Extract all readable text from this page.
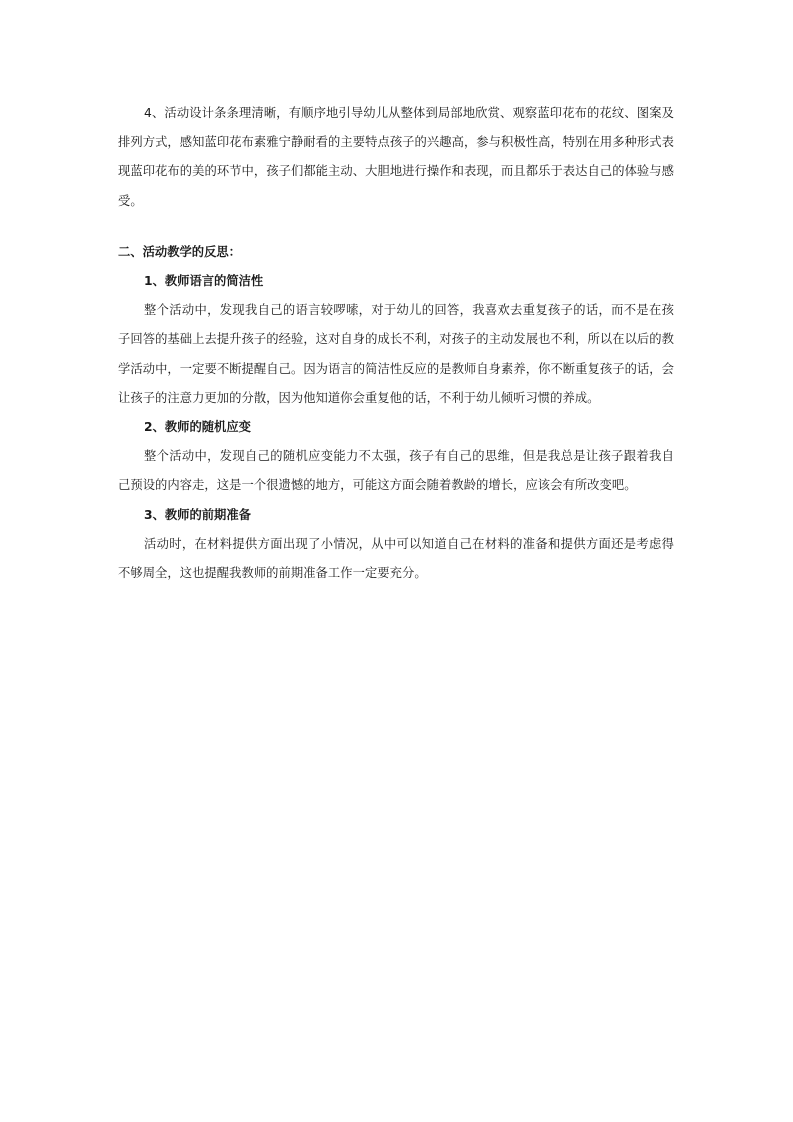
4、活动设计条条理清晰，有顺序地引导幼儿从整体到局部地欣赏、观察蓝印花布的花纹、图案及排列方式，感知蓝印花布素雅宁静耐看的主要特点孩子的兴趣高，参与积极性高，特别在用多种形式表现蓝印花布的美的环节中，孩子们都能主动、大胆地进行操作和表现，而且都乐于表达自己的体验与感受。

二、活动教学的反思：

1、教师语言的简洁性

整个活动中，发现我自己的语言较啰嗦，对于幼儿的回答，我喜欢去重复孩子的话，而不是在孩子回答的基础上去提升孩子的经验，这对自身的成长不利，对孩子的主动发展也不利，所以在以后的教学活动中，一定要不断提醒自己。因为语言的简洁性反应的是教师自身素养，你不断重复孩子的话，会让孩子的注意力更加的分散，因为他知道你会重复他的话，不利于幼儿倾听习惯的养成。

2、教师的随机应变

整个活动中，发现自己的随机应变能力不太强，孩子有自己的思维，但是我总是让孩子跟着我自己预设的内容走，这是一个很遗憾的地方，可能这方面会随着教龄的增长，应该会有所改变吧。

3、教师的前期准备

活动时，在材料提供方面出现了小情况，从中可以知道自己在材料的准备和提供方面还是考虑得不够周全，这也提醒我教师的前期准备工作一定要充分。
